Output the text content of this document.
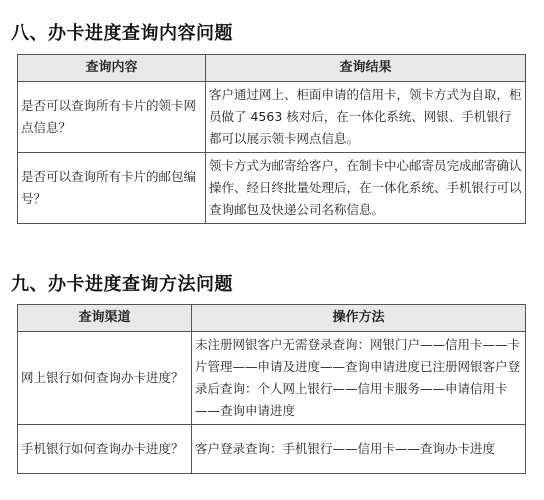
八、办卡进度查询内容问题
查询内容	查询结果
是否可以查询所有卡片的领卡网点信息？	客户通过网上、柜面申请的信用卡，领卡方式为自取，柜员做了 4563 核对后，在一体化系统、网银、手机银行都可以展示领卡网点信息。
是否可以查询所有卡片的邮包编号？	领卡方式为邮寄给客户，在制卡中心邮寄员完成邮寄确认操作、经日终批量处理后，在一体化系统、手机银行可以查询邮包及快递公司名称信息。
九、办卡进度查询方法问题
查询渠道	操作方法
网上银行如何查询办卡进度？	未注册网银客户无需登录查询：网银门户——信用卡——卡片管理——申请及进度——查询申请进度已注册网银客户登录后查询：个人网上银行——信用卡服务——申请信用卡——查询申请进度
手机银行如何查询办卡进度？	客户登录查询：手机银行——信用卡——查询办卡进度
